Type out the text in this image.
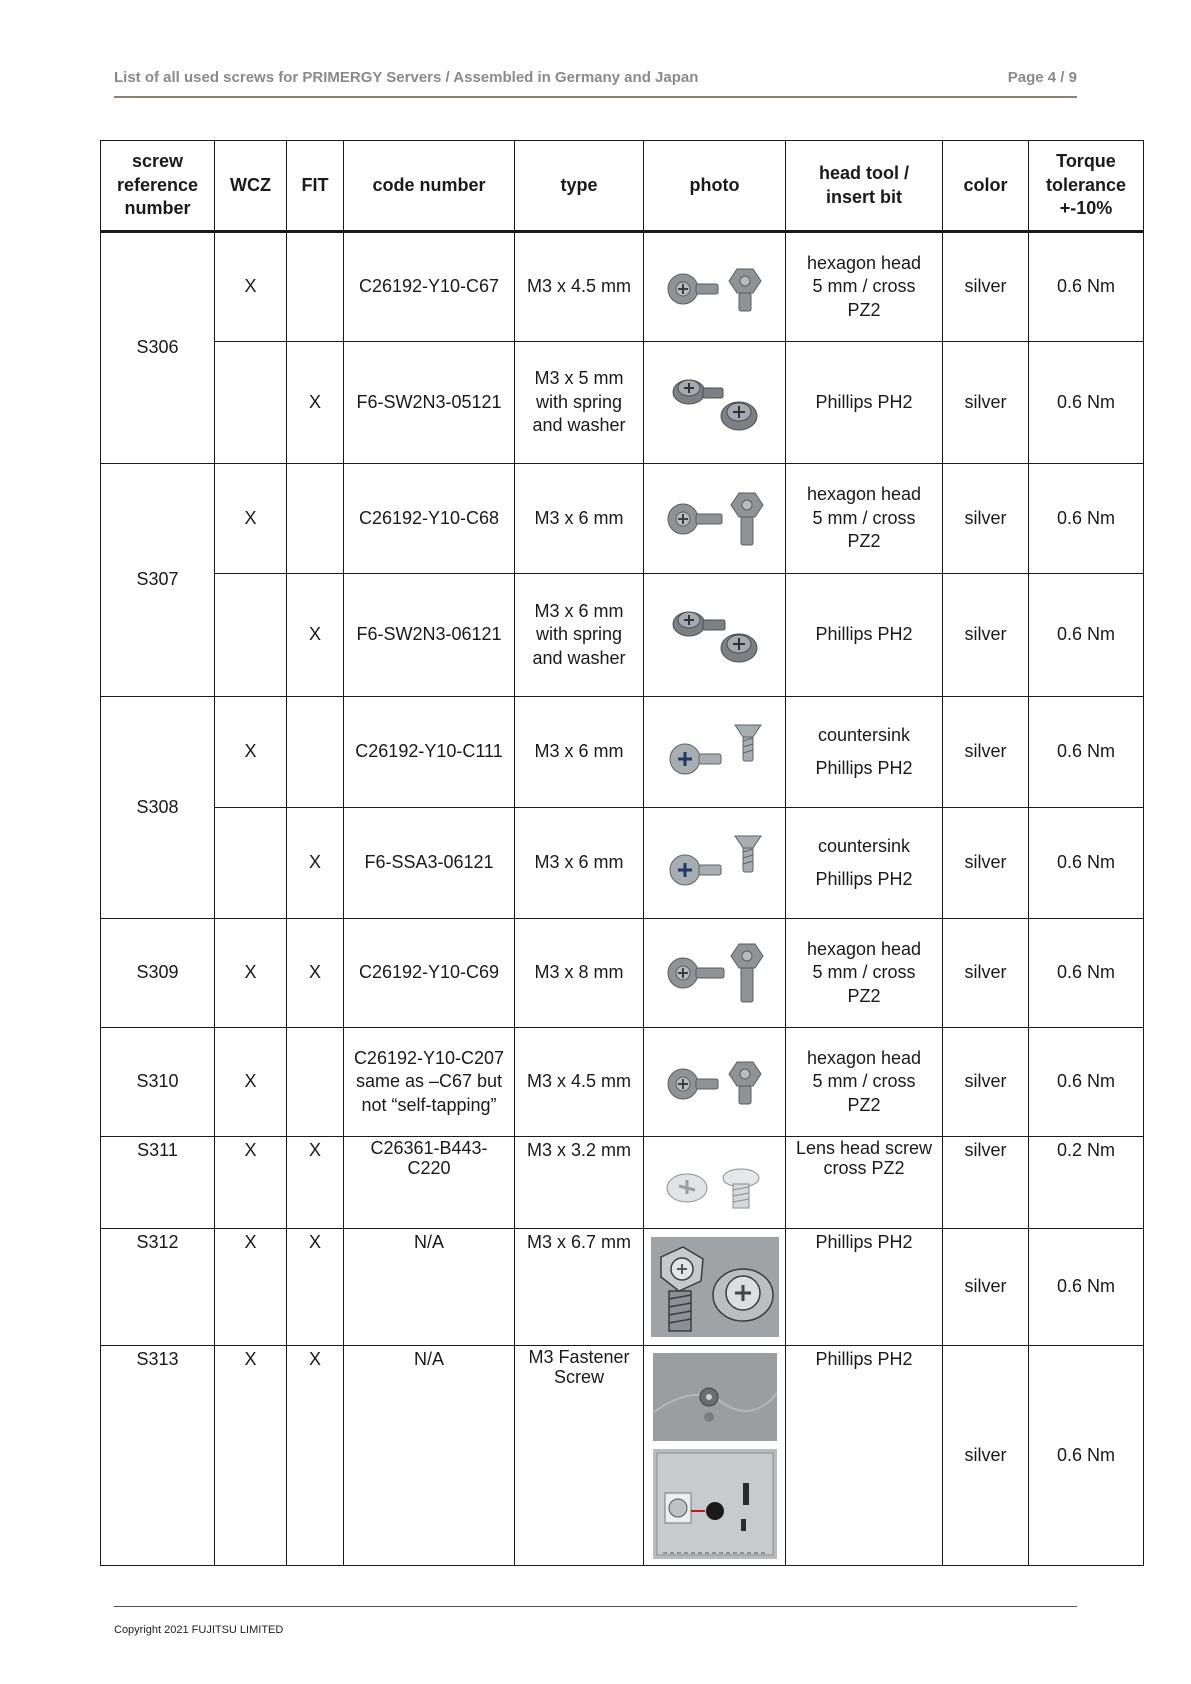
List of all used screws for PRIMERGY Servers / Assembled in Germany and Japan	Page 4 / 9
screw
reference
number	WCZ	FIT	code number	type	photo	head tool /
insert bit	color	Torque
tolerance
+-10%

S306	X		C26192-Y10-C67	M3 x 4.5 mm		hexagon head
5 mm / cross
PZ2	silver	0.6 Nm
		X	F6-SW2N3-05121	M3 x 5 mm
with spring
and washer		Phillips PH2	silver	0.6 Nm
S307	X		C26192-Y10-C68	M3 x 6 mm		hexagon head
5 mm / cross
PZ2	silver	0.6 Nm
		X	F6-SW2N3-06121	M3 x 6 mm
with spring
and washer		Phillips PH2	silver	0.6 Nm
S308	X		C26192-Y10-C111	M3 x 6 mm		countersink
Phillips PH2	silver	0.6 Nm
		X	F6-SSA3-06121	M3 x 6 mm		countersink
Phillips PH2	silver	0.6 Nm
S309	X	X	C26192-Y10-C69	M3 x 8 mm		hexagon head
5 mm / cross
PZ2	silver	0.6 Nm
S310	X		C26192-Y10-C207
same as –C67 but
not “self-tapping”	M3 x 4.5 mm		hexagon head
5 mm / cross
PZ2	silver	0.6 Nm
S311	X	X	C26361-B443-
C220	M3 x 3.2 mm		Lens head screw
cross PZ2	silver	0.2 Nm
S312	X	X	N/A	M3 x 6.7 mm		Phillips PH2	silver	0.6 Nm
S313	X	X	N/A	M3 Fastener
Screw		Phillips PH2	silver	0.6 Nm
Copyright 2021 FUJITSU LIMITED
